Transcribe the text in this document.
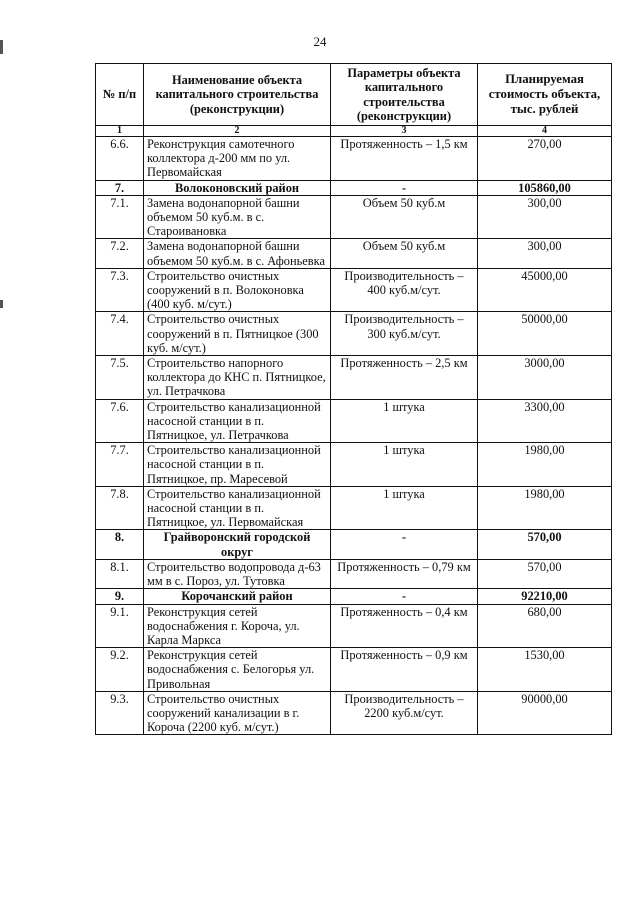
24
№ п/п	Наименование объекта капитального строительства (реконструкции)	Параметры объекта капитального строительства (реконструкции)	Планируемая стоимость объекта, тыс. рублей
1	2	3	4
6.6.	Реконструкция самотечного коллектора д-200 мм по ул. Первомайская	Протяженность – 1,5 км	270,00
7.	Волоконовский район	-	105860,00
7.1.	Замена водонапорной башни объемом 50 куб.м. в с. Староивановка	Объем 50 куб.м	300,00
7.2.	Замена водонапорной башни объемом 50 куб.м. в с. Афоньевка	Объем 50 куб.м	300,00
7.3.	Строительство очистных сооружений в п. Волоконовка (400 куб. м/сут.)	Производительность – 400 куб.м/сут.	45000,00
7.4.	Строительство очистных сооружений в п. Пятницкое (300 куб. м/сут.)	Производительность – 300 куб.м/сут.	50000,00
7.5.	Строительство напорного коллектора до КНС п. Пятницкое, ул. Петрачкова	Протяженность – 2,5 км	3000,00
7.6.	Строительство канализационной насосной станции в п. Пятницкое, ул. Петрачкова	1 штука	3300,00
7.7.	Строительство канализационной насосной станции в п. Пятницкое, пр. Маресевой	1 штука	1980,00
7.8.	Строительство канализационной насосной станции в п. Пятницкое, ул. Первомайская	1 штука	1980,00
8.	Грайворонский городской округ	-	570,00
8.1.	Строительство водопровода д-63 мм в с. Пороз, ул. Тутовка	Протяженность – 0,79 км	570,00
9.	Корочанский район	-	92210,00
9.1.	Реконструкция сетей водоснабжения г. Короча, ул. Карла Маркса	Протяженность – 0,4 км	680,00
9.2.	Реконструкция сетей водоснабжения с. Белогорья ул. Привольная	Протяженность – 0,9 км	1530,00
9.3.	Строительство очистных сооружений канализации в г. Короча (2200 куб. м/сут.)	Производительность – 2200 куб.м/сут.	90000,00
